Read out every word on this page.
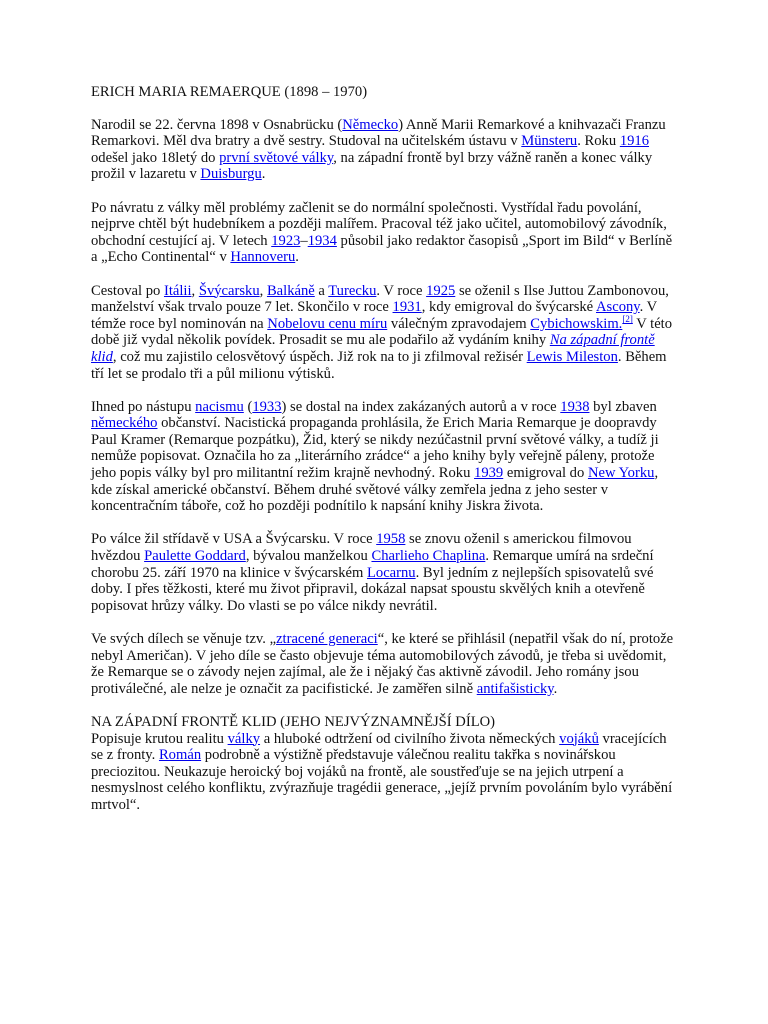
ERICH MARIA REMAERQUE (1898 – 1970)

Narodil se 22. června 1898 v Osnabrücku (Německo) Anně Marii Remarkové a knihvazači Franzu Remarkovi. Měl dva bratry a dvě sestry. Studoval na učitelském ústavu v Münsteru. Roku 1916 odešel jako 18letý do první světové války, na západní frontě byl brzy vážně raněn a konec války prožil v lazaretu v Duisburgu.

Po návratu z války měl problémy začlenit se do normální společnosti. Vystřídal řadu povolání, nejprve chtěl být hudebníkem a později malířem. Pracoval též jako učitel, automobilový závodník, obchodní cestující aj. V letech 1923–1934 působil jako redaktor časopisů „Sport im Bild“ v Berlíně a „Echo Continental“ v Hannoveru.

Cestoval po Itálii, Švýcarsku, Balkáně a Turecku. V roce 1925 se oženil s Ilse Juttou Zambonovou, manželství však trvalo pouze 7 let. Skončilo v roce 1931, kdy emigroval do švýcarské Ascony. V témže roce byl nominován na Nobelovu cenu míru válečným zpravodajem Cybichowskim.[2] V této době již vydal několik povídek. Prosadit se mu ale podařilo až vydáním knihy Na západní frontě klid, což mu zajistilo celosvětový úspěch. Již rok na to ji zfilmoval režisér Lewis Mileston. Během tří let se prodalo tři a půl milionu výtisků.

Ihned po nástupu nacismu (1933) se dostal na index zakázaných autorů a v roce 1938 byl zbaven německého občanství. Nacistická propaganda prohlásila, že Erich Maria Remarque je doopravdy Paul Kramer (Remarque pozpátku), Žid, který se nikdy nezúčastnil první světové války, a tudíž ji nemůže popisovat. Označila ho za „literárního zrádce“ a jeho knihy byly veřejně páleny, protože jeho popis války byl pro militantní režim krajně nevhodný. Roku 1939 emigroval do New Yorku, kde získal americké občanství. Během druhé světové války zemřela jedna z jeho sester v koncentračním táboře, což ho později podnítilo k napsání knihy Jiskra života.

Po válce žil střídavě v USA a Švýcarsku. V roce 1958 se znovu oženil s americkou filmovou hvězdou Paulette Goddard, bývalou manželkou Charlieho Chaplina. Remarque umírá na srdeční chorobu 25. září 1970 na klinice v švýcarském Locarnu. Byl jedním z nejlepších spisovatelů své doby. I přes těžkosti, které mu život připravil, dokázal napsat spoustu skvělých knih a otevřeně popisovat hrůzy války. Do vlasti se po válce nikdy nevrátil.

Ve svých dílech se věnuje tzv. „ztracené generaci“, ke které se přihlásil (nepatřil však do ní, protože nebyl Američan). V jeho díle se často objevuje téma automobilových závodů, je třeba si uvědomit, že Remarque se o závody nejen zajímal, ale že i nějaký čas aktivně závodil. Jeho romány jsou protiválečné, ale nelze je označit za pacifistické. Je zaměřen silně antifašisticky.

NA ZÁPADNÍ FRONTĚ KLID (JEHO NEJVÝZNAMNĚJŠÍ DÍLO)

Popisuje krutou realitu války a hluboké odtržení od civilního života německých vojáků vracejících se z fronty. Román podrobně a výstižně představuje válečnou realitu takřka s novinářskou preciozitou. Neukazuje heroický boj vojáků na frontě, ale soustřeďuje se na jejich utrpení a nesmyslnost celého konfliktu, zvýrazňuje tragédii generace, „jejíž prvním povoláním bylo vyrábění mrtvol“.
